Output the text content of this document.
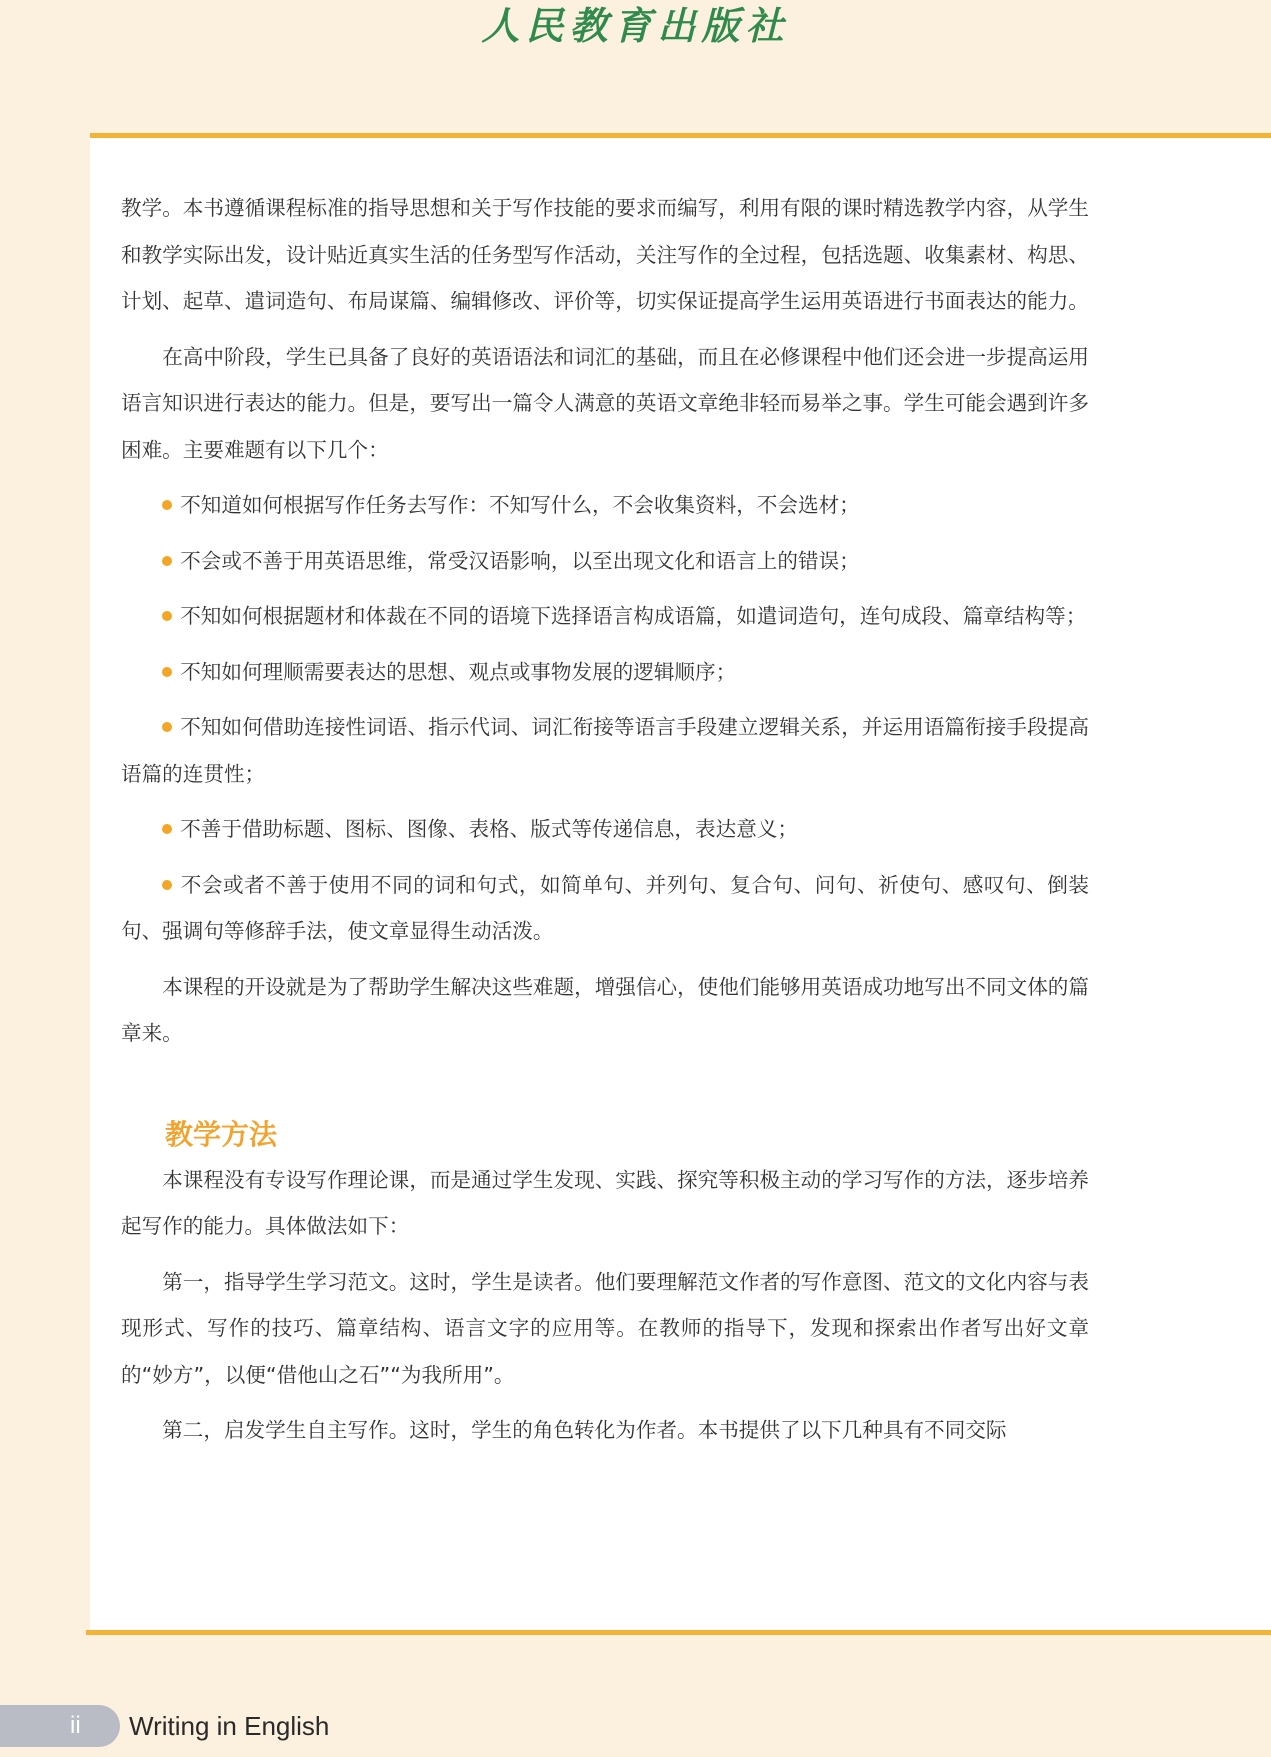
人民教育出版社

教学。本书遵循课程标准的指导思想和关于写作技能的要求而编写，利用有限的课时精选教学内容，从学生和教学实际出发，设计贴近真实生活的任务型写作活动，关注写作的全过程，包括选题、收集素材、构思、计划、起草、遣词造句、布局谋篇、编辑修改、评价等，切实保证提高学生运用英语进行书面表达的能力。

在高中阶段，学生已具备了良好的英语语法和词汇的基础，而且在必修课程中他们还会进一步提高运用语言知识进行表达的能力。但是，要写出一篇令人满意的英语文章绝非轻而易举之事。学生可能会遇到许多困难。主要难题有以下几个：

不知道如何根据写作任务去写作：不知写什么，不会收集资料，不会选材；

不会或不善于用英语思维，常受汉语影响，以至出现文化和语言上的错误；

不知如何根据题材和体裁在不同的语境下选择语言构成语篇，如遣词造句，连句成段、篇章结构等；

不知如何理顺需要表达的思想、观点或事物发展的逻辑顺序；

不知如何借助连接性词语、指示代词、词汇衔接等语言手段建立逻辑关系，并运用语篇衔接手段提高语篇的连贯性；

不善于借助标题、图标、图像、表格、版式等传递信息，表达意义；

不会或者不善于使用不同的词和句式，如简单句、并列句、复合句、问句、祈使句、感叹句、倒装句、强调句等修辞手法，使文章显得生动活泼。

本课程的开设就是为了帮助学生解决这些难题，增强信心，使他们能够用英语成功地写出不同文体的篇章来。

教学方法

本课程没有专设写作理论课，而是通过学生发现、实践、探究等积极主动的学习写作的方法，逐步培养起写作的能力。具体做法如下：

第一，指导学生学习范文。这时，学生是读者。他们要理解范文作者的写作意图、范文的文化内容与表现形式、写作的技巧、篇章结构、语言文字的应用等。在教师的指导下，发现和探索出作者写出好文章的“妙方”，以便“借他山之石”“为我所用”。

第二，启发学生自主写作。这时，学生的角色转化为作者。本书提供了以下几种具有不同交际

ii Writing in English
